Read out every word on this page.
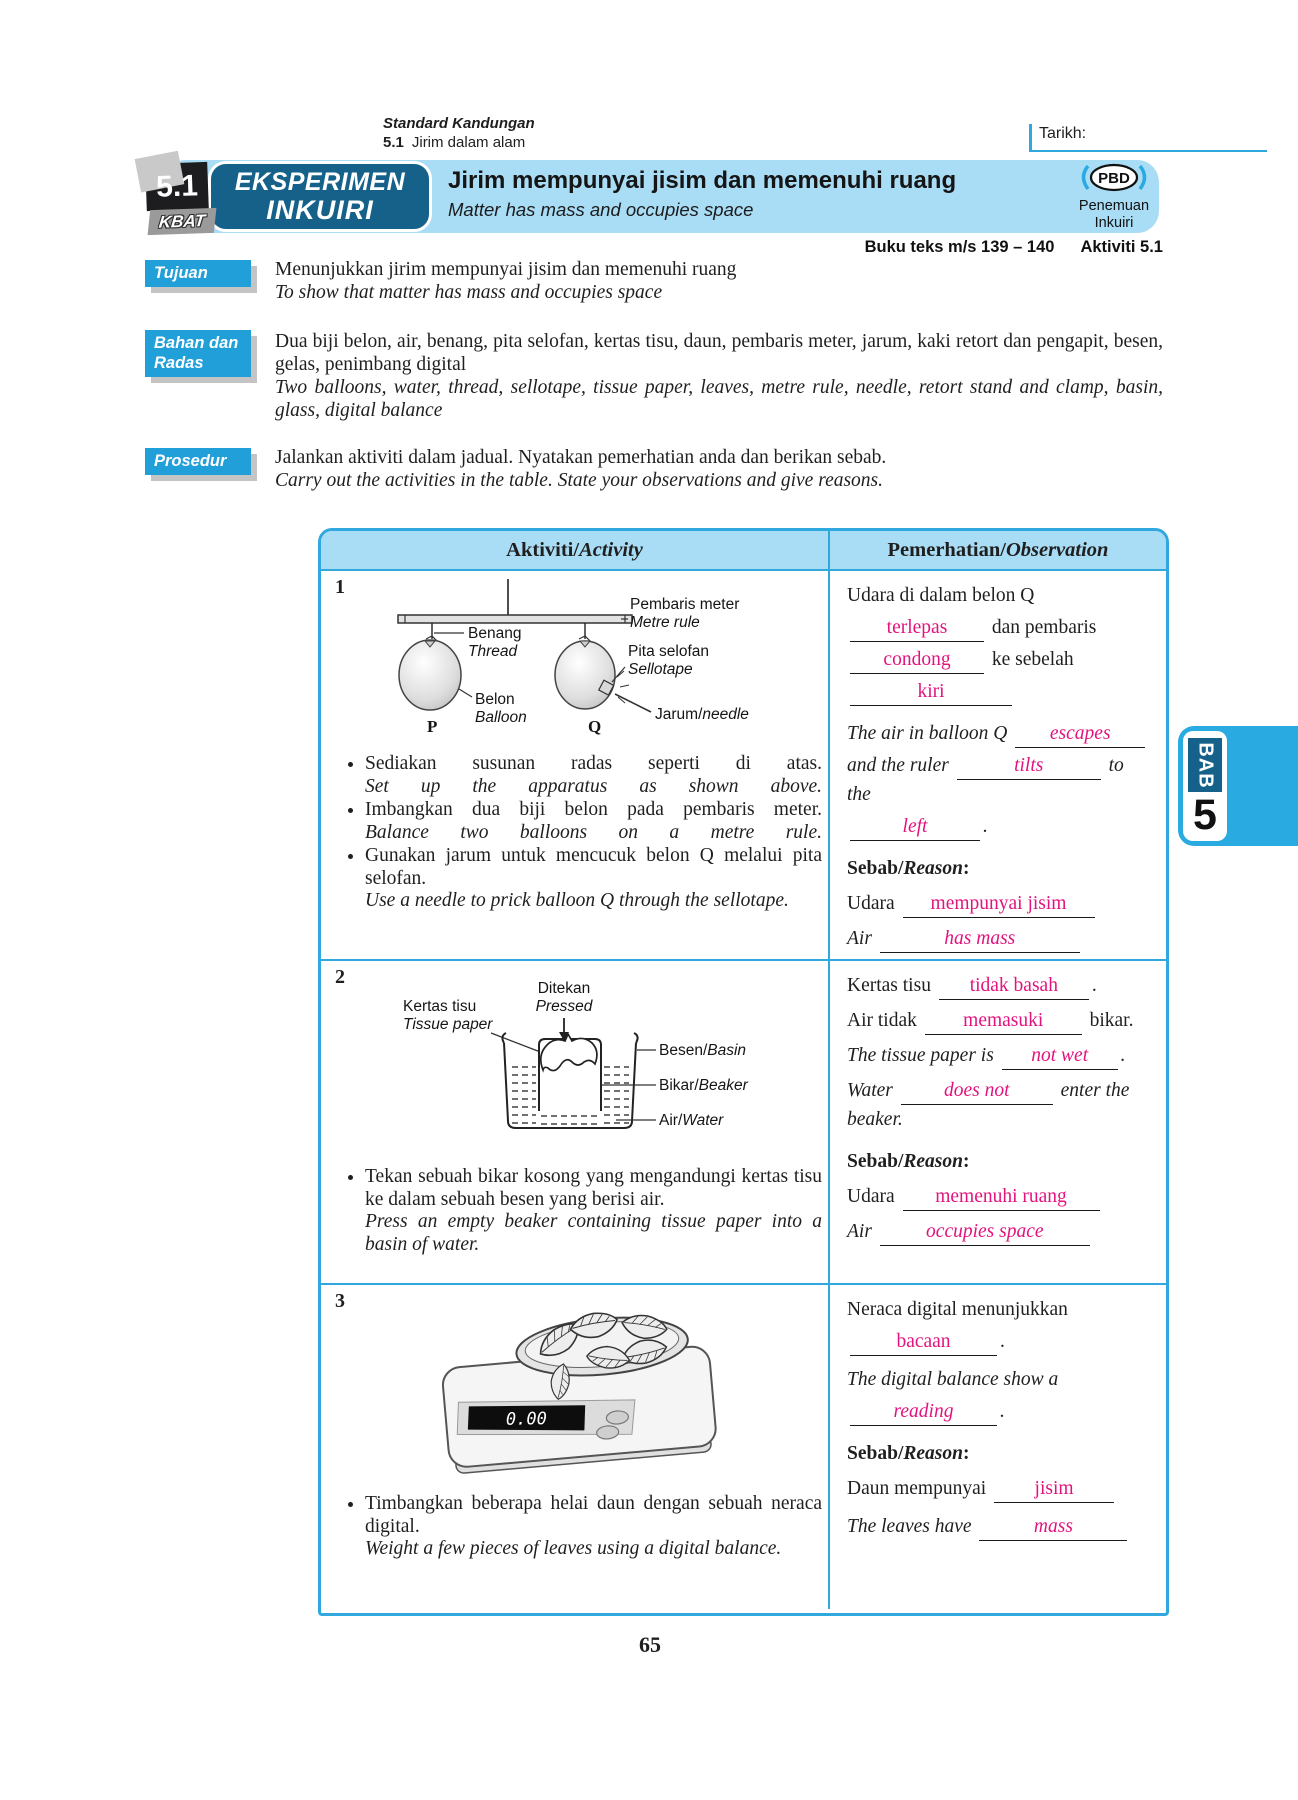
Standard Kandungan
5.1 Jirim dalam alam
Tarikh:
5.1
KBAT
EKSPERIMEN
INKUIRI
Jirim mempunyai jisim dan memenuhi ruang
Matter has mass and occupies space
PBD
Penemuan
Inkuiri
Buku teks m/s 139 – 140 Aktiviti 5.1
Tujuan	Menunjukkan jirim mempunyai jisim dan memenuhi ruang
To show that matter has mass and occupies space
Bahan dan
Radas
Dua biji belon, air, benang, pita selofan, kertas tisu, daun, pembaris meter, jarum, kaki retort dan pengapit, besen, gelas, penimbang digital
Two balloons, water, thread, sellotape, tissue paper, leaves, metre rule, needle, retort stand and clamp, basin, glass, digital balance
Prosedur	Jalankan aktiviti dalam jadual. Nyatakan pemerhatian anda dan berikan sebab.
Carry out the activities in the table. State your observations and give reasons.
Aktiviti/ Activity	Pemerhatian/ Observation
1
P	Q
Pembaris meter
Metre rule
Benang
Thread	Pita selofan
Sellotape
Belon
Balloon	Jarum/needle
• Sediakan susunan radas seperti di atas.
Set up the apparatus as shown above.
• Imbangkan dua biji belon pada pembaris meter.
Balance two balloons on a metre rule.
• Gunakan jarum untuk mencucuk belon Q melalui pita selofan.
Use a needle to prick balloon Q through the sellotape.

Udara di dalam belon Q

terlepas dan pembaris

condong ke sebelah

kiri

The air in balloon Q escapes

and the ruler	tilts	to the

left	.

Sebab/Reason:

Udara mempunyai jisim

Air	has mass

2
Kertas tisu
Tissue paper
Ditekan
Pressed
Besen/Basin
Bikar/Beaker
Air/Water
• Tekan sebuah bikar kosong yang mengandungi kertas tisu ke dalam sebuah besen yang berisi air.
Press an empty beaker containing tissue paper into a basin of water.

Kertas tisu tidak basah .

Air tidak memasuki bikar.

The tissue paper is not wet .

Water	does not	enter the beaker.

Sebab/Reason:

Udara memenuhi ruang

Air	occupies space

3
0.00
• Timbangkan beberapa helai daun dengan sebuah neraca digital.
Weight a few pieces of leaves using a digital balance.

Neraca digital menunjukkan

bacaan	.

The digital balance show a

reading .

Sebab/Reason:

Daun mempunyai jisim

The leaves have	mass

BAB
5
65
